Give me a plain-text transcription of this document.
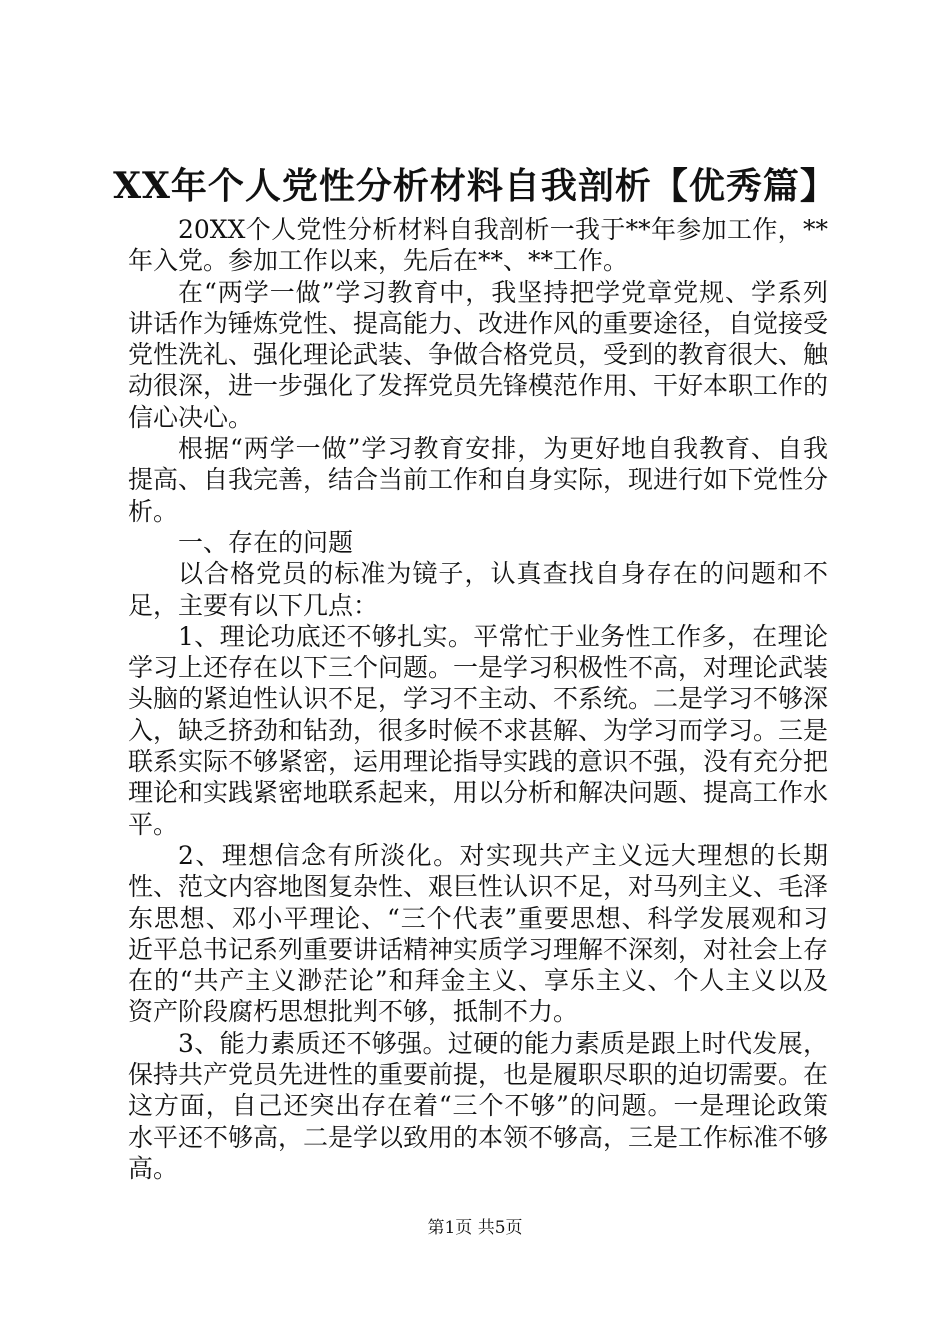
XX年个人党性分析材料自我剖析【优秀篇】

20XX个人党性分析材料自我剖析一我于**年参加工作，**年入党。参加工作以来，先后在**、**工作。

在“两学一做”学习教育中，我坚持把学党章党规、学系列讲话作为锤炼党性、提高能力、改进作风的重要途径，自觉接受党性洗礼、强化理论武装、争做合格党员，受到的教育很大、触动很深，进一步强化了发挥党员先锋模范作用、干好本职工作的信心决心。

根据“两学一做”学习教育安排，为更好地自我教育、自我提高、自我完善，结合当前工作和自身实际，现进行如下党性分析。

一、存在的问题

以合格党员的标准为镜子，认真查找自身存在的问题和不足，主要有以下几点：

1、理论功底还不够扎实。平常忙于业务性工作多，在理论学习上还存在以下三个问题。一是学习积极性不高，对理论武装头脑的紧迫性认识不足，学习不主动、不系统。二是学习不够深入，缺乏挤劲和钻劲，很多时候不求甚解、为学习而学习。三是联系实际不够紧密，运用理论指导实践的意识不强，没有充分把理论和实践紧密地联系起来，用以分析和解决问题、提高工作水平。

2、理想信念有所淡化。对实现共产主义远大理想的长期性、范文内容地图复杂性、艰巨性认识不足，对马列主义、毛泽东思想、邓小平理论、“三个代表”重要思想、科学发展观和习近平总书记系列重要讲话精神实质学习理解不深刻，对社会上存在的“共产主义渺茫论”和拜金主义、享乐主义、个人主义以及资产阶段腐朽思想批判不够，抵制不力。

3、能力素质还不够强。过硬的能力素质是跟上时代发展，保持共产党员先进性的重要前提，也是履职尽职的迫切需要。在这方面，自己还突出存在着“三个不够”的问题。一是理论政策水平还不够高，二是学以致用的本领不够高，三是工作标准不够高。

第1页 共5页
